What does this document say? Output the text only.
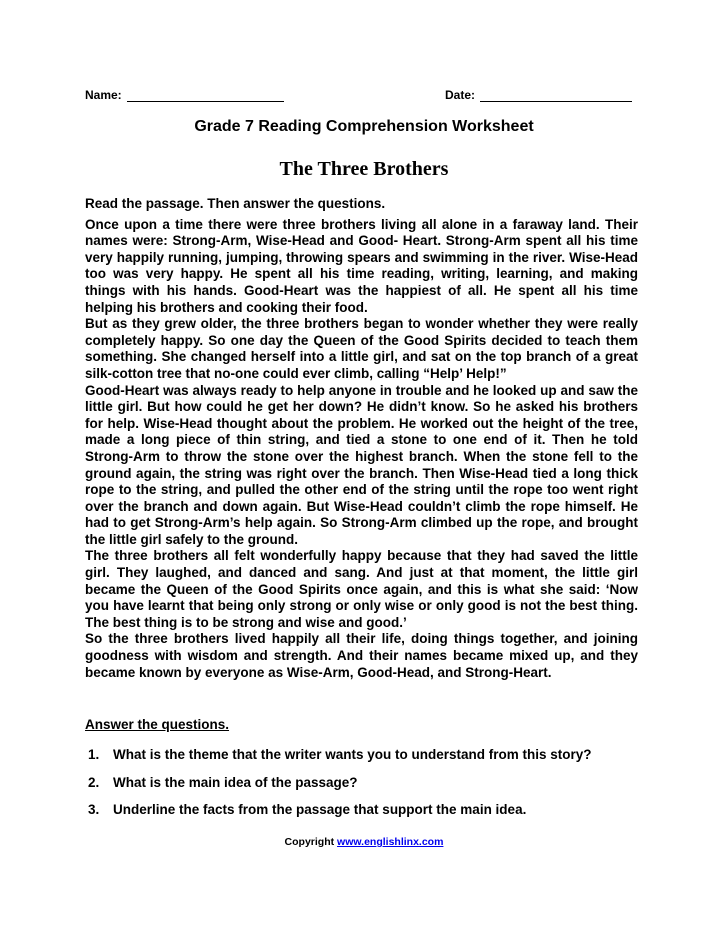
Name:	Date:
Grade 7 Reading Comprehension Worksheet
The Three Brothers

Read the passage. Then answer the questions.

Once upon a time there were three brothers living all alone in a faraway land. Their names were: Strong-Arm, Wise-Head and Good- Heart. Strong-Arm spent all his time very happily running, jumping, throwing spears and swimming in the river. Wise-Head too was very happy. He spent all his time reading, writing, learning, and making things with his hands. Good-Heart was the happiest of all. He spent all his time helping his brothers and cooking their food.

But as they grew older, the three brothers began to wonder whether they were really completely happy. So one day the Queen of the Good Spirits decided to teach them something. She changed herself into a little girl, and sat on the top branch of a great silk-cotton tree that no-one could ever climb, calling “Help’ Help!”

Good-Heart was always ready to help anyone in trouble and he looked up and saw the little girl. But how could he get her down? He didn’t know. So he asked his brothers for help. Wise-Head thought about the problem. He worked out the height of the tree, made a long piece of thin string, and tied a stone to one end of it. Then he told Strong-Arm to throw the stone over the highest branch. When the stone fell to the ground again, the string was right over the branch. Then Wise-Head tied a long thick rope to the string, and pulled the other end of the string until the rope too went right over the branch and down again. But Wise-Head couldn’t climb the rope himself. He had to get Strong-Arm’s help again. So Strong-Arm climbed up the rope, and brought the little girl safely to the ground.

The three brothers all felt wonderfully happy because that they had saved the little girl. They laughed, and danced and sang. And just at that moment, the little girl became the Queen of the Good Spirits once again, and this is what she said: ‘Now you have learnt that being only strong or only wise or only good is not the best thing. The best thing is to be strong and wise and good.’

So the three brothers lived happily all their life, doing things together, and joining goodness with wisdom and strength. And their names became mixed up, and they became known by everyone as Wise-Arm, Good-Head, and Strong-Heart.

Answer the questions.
1.	What is the theme that the writer wants you to understand from this story?
2.	What is the main idea of the passage?
3.	Underline the facts from the passage that support the main idea.
Copyright www.englishlinx.com
